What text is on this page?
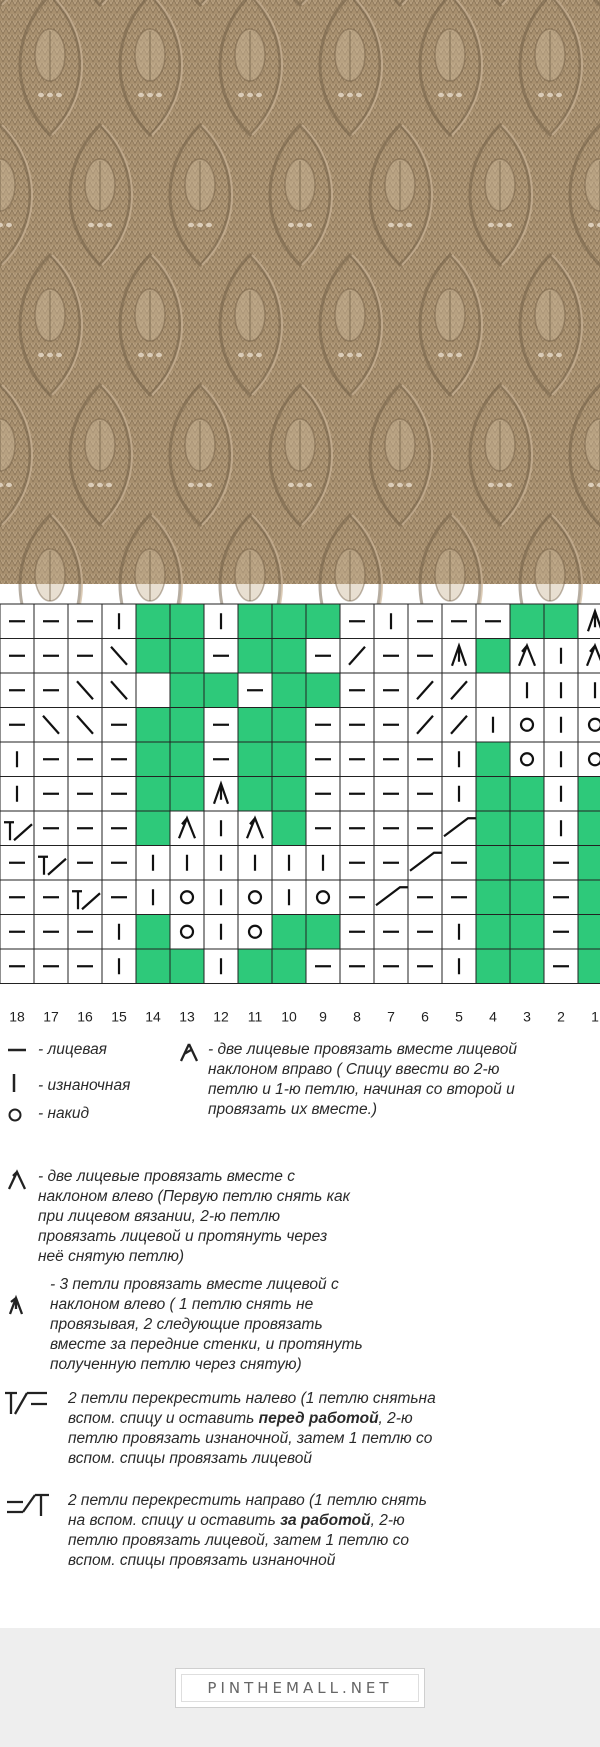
18 17 16 15 14 13 12 11 10 9 8 7 6 5 4 3 2 1
- лицевая
- изнаночная
- накид
- две лицевые провязать вместе лицевой
наклоном вправо ( Спицу ввести во 2-ю
петлю и 1-ю петлю, начиная со второй и
провязать их вместе.)
- две лицевые провязать вместе с
наклоном влево (Первую петлю снять как
при лицевом вязании, 2-ю петлю
провязать лицевой и протянуть через
неё снятую петлю)
- 3 петли провязать вместе лицевой с
наклоном влево ( 1 петлю снять не
провязывая, 2 следующие провязать
вместе за передние стенки, и протянуть
полученную петлю через снятую)
2 петли перекрестить налево (1 петлю снятьна
вспом. спицу и оставить перед работой, 2-ю
петлю провязать изнаночной, затем 1 петлю со
вспом. спицы провязать лицевой
2 петли перекрестить направо (1 петлю снять
на вспом. спицу и оставить за работой, 2-ю
петлю провязать лицевой, затем 1 петлю со
вспом. спицы провязать изнаночной
PINTHEMALL.NET
